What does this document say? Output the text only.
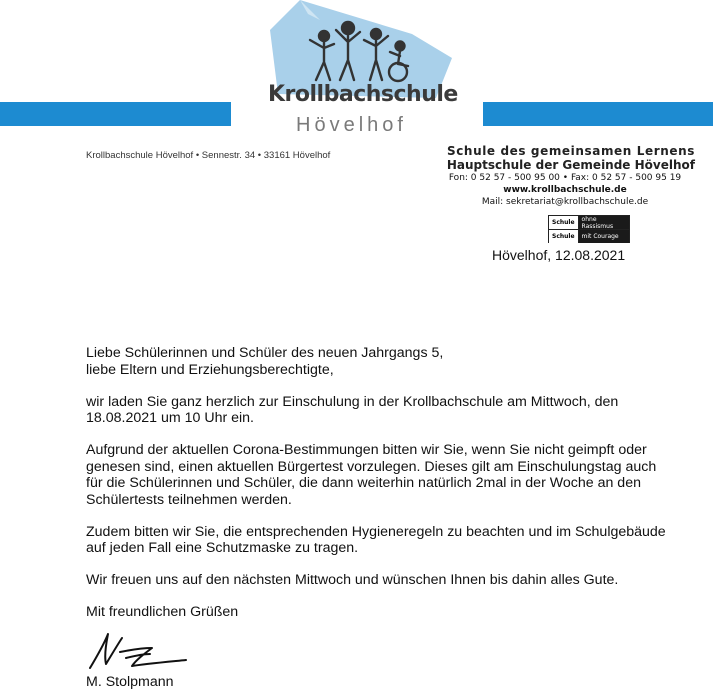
Krollbachschule
Hövelhof
Krollbachschule Hövelhof • Sennestr. 34 • 33161 Hövelhof	Schule des gemeinsamen Lernens
Hauptschule der Gemeinde Hövelhof
Fon: 0 52 57 - 500 95 00 • Fax: 0 52 57 - 500 95 19
www.krollbachschule.de
Mail: sekretariat@krollbachschule.de
Schule	ohne Rassismus
Schule	mit Courage
Hövelhof, 12.08.2021

Liebe Schülerinnen und Schüler des neuen Jahrgangs 5,
liebe Eltern und Erziehungsberechtigte,

wir laden Sie ganz herzlich zur Einschulung in der Krollbachschule am Mittwoch, den 18.08.2021 um 10 Uhr ein.

Aufgrund der aktuellen Corona-Bestimmungen bitten wir Sie, wenn Sie nicht geimpft oder genesen sind, einen aktuellen Bürgertest vorzulegen. Dieses gilt am Einschulungstag auch für die Schülerinnen und Schüler, die dann weiterhin natürlich 2mal in der Woche an den Schülertests teilnehmen werden.

Zudem bitten wir Sie, die entsprechenden Hygieneregeln zu beachten und im Schulgebäude auf jeden Fall eine Schutzmaske zu tragen.

Wir freuen uns auf den nächsten Mittwoch und wünschen Ihnen bis dahin alles Gute.

Mit freundlichen Grüßen

M. Stolpmann
